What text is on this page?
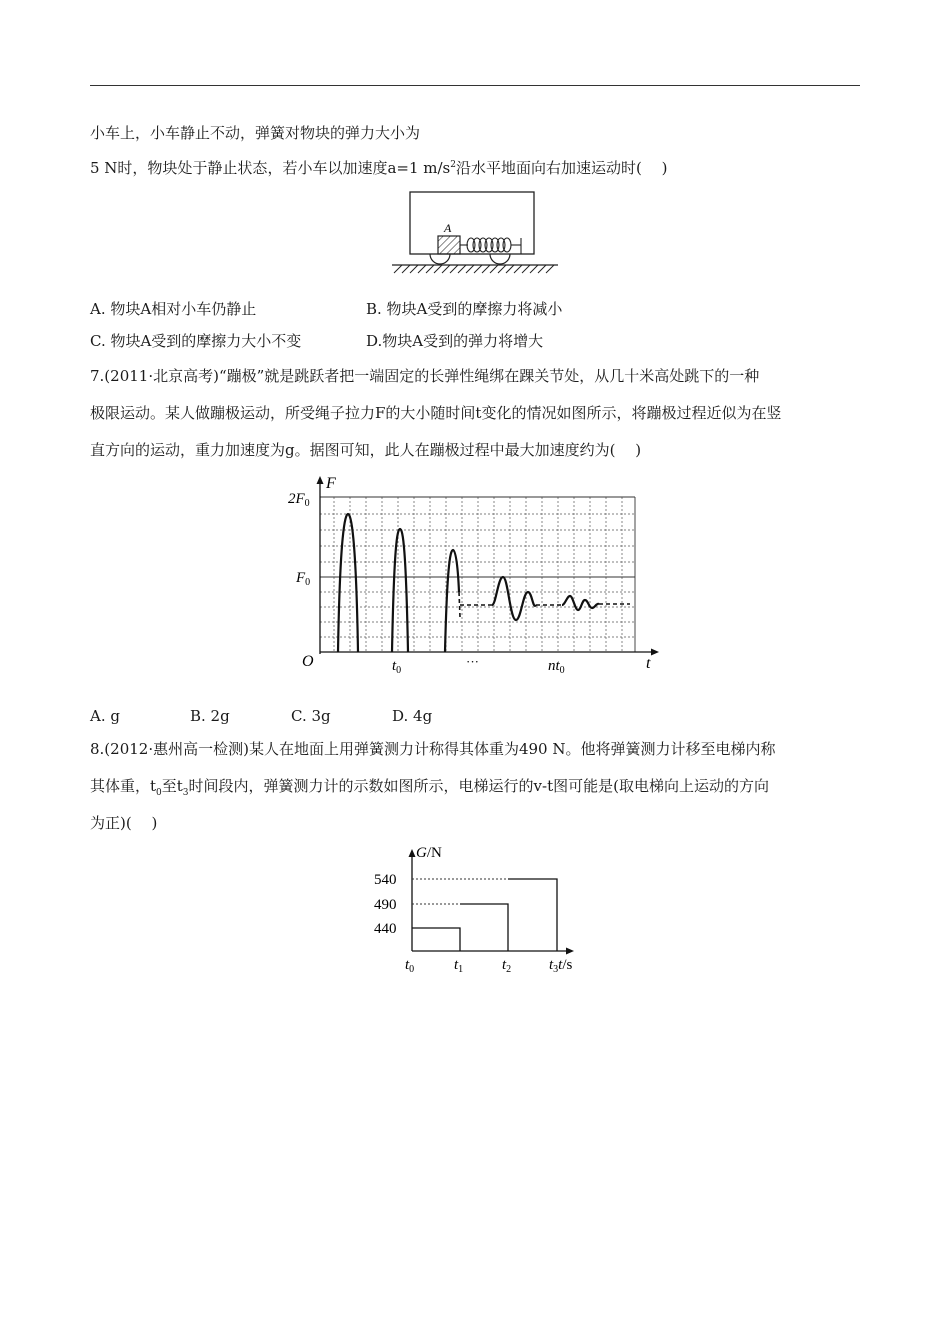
小车上，小车静止不动，弹簧对物块的弹力大小为
5 N时，物块处于静止状态，若小车以加速度a=1 $m/s^2$沿水平地面向右加速运动时(　 )
A
A. 物块A相对小车仍静止	B. 物块A受到的摩擦力将减小
C. 物块A受到的摩擦力大小不变	D.物块A受到的弹力将增大
7.(2011·北京高考)“蹦极”就是跳跃者把一端固定的长弹性绳绑在踝关节处，从几十米高处跳下的一种
极限运动。某人做蹦极运动，所受绳子拉力F的大小随时间t变化的情况如图所示，将蹦极过程近似为在竖
直方向的运动，重力加速度为g。据图可知，此人在蹦极过程中最大加速度约为(　 )
F
$2F_0$
$F_0$
O	$t_0$
···	$nt_0$	t
A. g	B. 2g	C. 3g	D. 4g
8.(2012·惠州高一检测)某人在地面上用弹簧测力计称得其体重为490 N。他将弹簧测力计移至电梯内称
其体重，$t_0$至$t_3$时间段内，弹簧测力计的示数如图所示，电梯运行的v-t图可能是(取电梯向上运动的方向
为正)(　 )
G/N
540
490
440
$t_0$	$t_1$	$t_2$	$t_3t/s$
